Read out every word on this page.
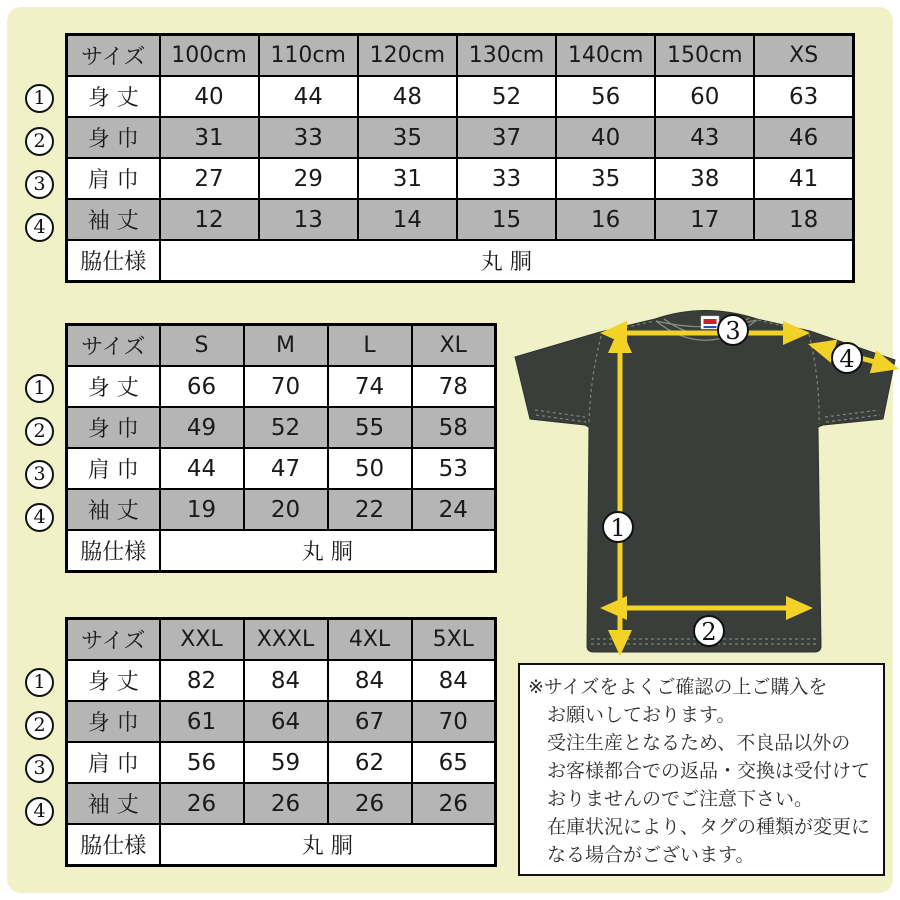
サイズ	100cm	110cm	120cm	130cm	140cm	150cm	XS
身 丈	40	44	48	52	56	60	63
身 巾	31	33	35	37	40	43	46
肩 巾	27	29	31	33	35	38	41
袖 丈	12	13	14	15	16	17	18
脇仕様	丸 胴						
1
2
3
4
サイズ	S	M	L	XL
身 丈	66	70	74	78
身 巾	49	52	55	58
肩 巾	44	47	50	53
袖 丈	19	20	22	24
脇仕様	丸 胴			
1
2
3
4
サイズ	XXL	XXXL	4XL	5XL
身 丈	82	84	84	84
身 巾	61	64	67	70
肩 巾	56	59	62	65
袖 丈	26	26	26	26
脇仕様	丸 胴			
1
2
3
4
1
2
3
4
※サイズをよくご確認の上ご購入を
お願いしております。
受注生産となるため、不良品以外の
お客様都合での返品・交換は受付けて
おりませんのでご注意下さい。
在庫状況により、タグの種類が変更に
なる場合がございます。
